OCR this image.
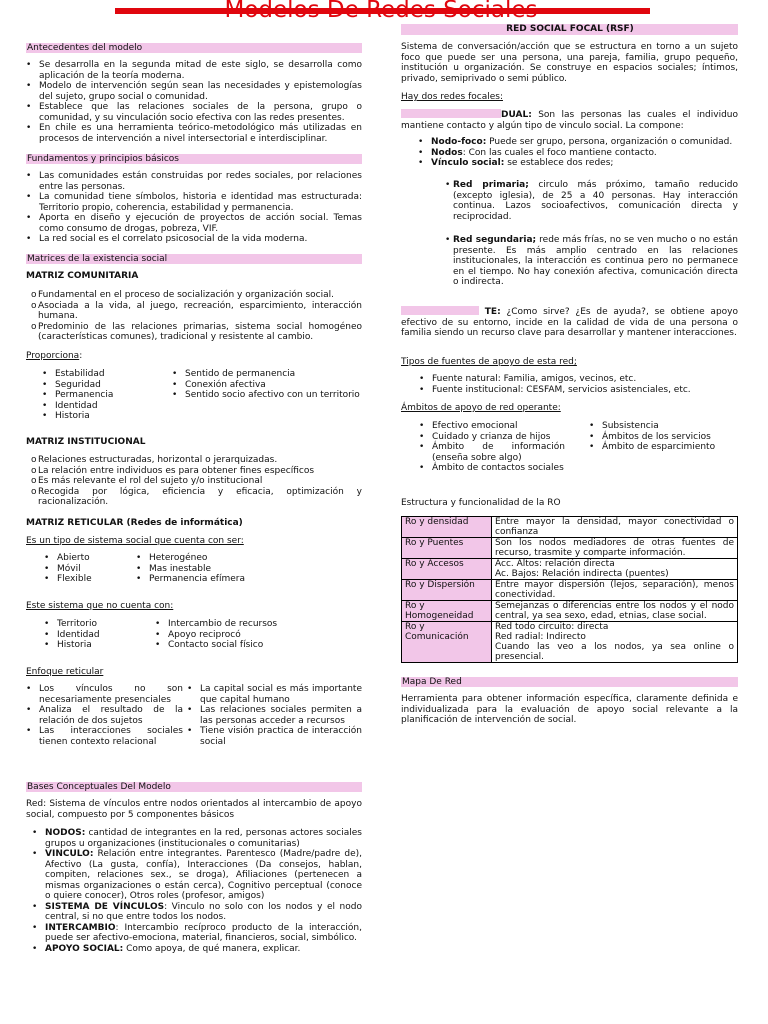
Modelos De Redes Sociales
Antecedentes del modelo
• Se desarrolla en la segunda mitad de este siglo, se desarrolla como aplicación de la teoría moderna.
• Modelo de intervención según sean las necesidades y epistemologías del sujeto, grupo social o comunidad.
• Establece que las relaciones sociales de la persona, grupo o comunidad, y su vinculación socio efectiva con las redes presentes.
• En chile es una herramienta teórico-metodológico más utilizadas en procesos de intervención a nivel intersectorial e interdisciplinar.
Fundamentos y principios básicos
• Las comunidades están construidas por redes sociales, por relaciones entre las personas.
• La comunidad tiene símbolos, historia e identidad mas estructurada: Territorio propio, coherencia, estabilidad y permanencia.
• Aporta en diseño y ejecución de proyectos de acción social. Temas como consumo de drogas, pobreza, VIF.
• La red social es el correlato psicosocial de la vida moderna.
Matrices de la existencia social
MATRIZ COMUNITARIA
o Fundamental en el proceso de socialización y organización social.
o Asociada a la vida, al juego, recreación, esparcimiento, interacción humana.
o Predominio de las relaciones primarias, sistema social homogéneo (características comunes), tradicional y resistente al cambio.
Proporciona:
• Estabilidad
• Seguridad
• Permanencia
• Identidad
• Historia
• Sentido de permanencia
• Conexión afectiva
• Sentido socio afectivo con un territorio
MATRIZ INSTITUCIONAL
o Relaciones estructuradas, horizontal o jerarquizadas.
o La relación entre individuos es para obtener fines específicos
o Es más relevante el rol del sujeto y/o institucional
o Recogida por lógica, eficiencia y eficacia, optimización y racionalización.
MATRIZ RETICULAR (Redes de informática)
Es un tipo de sistema social que cuenta con ser:
• Abierto
• Móvil
• Flexible
• Heterogéneo
• Mas inestable
• Permanencia efímera
Este sistema que no cuenta con:
• Territorio
• Identidad
• Historia
• Intercambio de recursos
• Apoyo reciprocó
• Contacto social físico
Enfoque reticular
• Los vínculos no son necesariamente presenciales
• Analiza el resultado de la relación de dos sujetos
• Las interacciones sociales tienen contexto relacional
• La capital social es más importante que capital humano
• Las relaciones sociales permiten a las personas acceder a recursos
• Tiene visión practica de interacción social
Bases Conceptuales Del Modelo
Red: Sistema de vínculos entre nodos orientados al intercambio de apoyo social, compuesto por 5 componentes básicos
• NODOS: cantidad de integrantes en la red, personas actores sociales grupos u organizaciones (institucionales o comunitarias)
• VINCULO: Relación entre integrantes. Parentesco (Madre/padre de), Afectivo (La gusta, confía), Interacciones (Da consejos, hablan, compiten, relaciones sex., se droga), Afiliaciones (pertenecen a mismas organizaciones o están cerca), Cognitivo perceptual (conoce o quiere conocer), Otros roles (profesor, amigos)
• SISTEMA DE VÍNCULOS: Vinculo no solo con los nodos y el nodo central, si no que entre todos los nodos.
• INTERCAMBIO: Intercambio recíproco producto de la interacción, puede ser afectivo-emociona, material, financieros, social, simbólico.
• APOYO SOCIAL: Como apoya, de qué manera, explicar.
RED SOCIAL FOCAL (RSF)
Sistema de conversación/acción que se estructura en torno a un sujeto foco que puede ser una persona, una pareja, familia, grupo pequeño, institución u organización. Se construye en espacios sociales; íntimos, privado, semiprivado o semi público.
Hay dos redes focales:
DUAL: Son las personas las cuales el individuo mantiene contacto y algún tipo de vinculo social. La compone:
• Nodo-foco: Puede ser grupo, persona, organización o comunidad.
• Nodos: Con las cuales el foco mantiene contacto.
• Vínculo social: se establece dos redes;
• Red primaria; circulo más próximo, tamaño reducido (excepto iglesia), de 25 a 40 personas. Hay interacción continua. Lazos socioafectivos, comunicación directa y reciprocidad.
• Red segundaria; rede más frías, no se ven mucho o no están presente. Es más amplio centrado en las relaciones institucionales, la interacción es continua pero no permanece en el tiempo. No hay conexión afectiva, comunicación directa o indirecta.
TE: ¿Como sirve? ¿Es de ayuda?, se obtiene apoyo efectivo de su entorno, incide en la calidad de vida de una persona o familia siendo un recurso clave para desarrollar y mantener interacciones.
Tipos de fuentes de apoyo de esta red;
• Fuente natural: Familia, amigos, vecinos, etc.
• Fuente institucional: CESFAM, servicios asistenciales, etc.
Ámbitos de apoyo de red operante:
• Efectivo emocional
• Cuidado y crianza de hijos
• Ámbito de información (enseña sobre algo)
• Ámbito de contactos sociales
• Subsistencia
• Ámbitos de los servicios
• Ámbito de esparcimiento
Estructura y funcionalidad de la RO
Ro y densidad	Entre mayor la densidad, mayor conectividad o confianza
Ro y Puentes	Son los nodos mediadores de otras fuentes de recurso, trasmite y comparte información.
Ro y Accesos	Acc. Altos: relación directa
Ac. Bajos: Relación indirecta (puentes)
Ro y Dispersión	Entre mayor dispersión (lejos, separación), menos conectividad.
Ro y Homogeneidad	Semejanzas o diferencias entre los nodos y el nodo central, ya sea sexo, edad, etnias, clase social.
Ro y Comunicación	Red todo circuito: directa
Red radial: Indirecto
Cuando las veo a los nodos, ya sea online o presencial.
Mapa De Red
Herramienta para obtener información específica, claramente definida e individualizada para la evaluación de apoyo social relevante a la planificación de intervención de social.
